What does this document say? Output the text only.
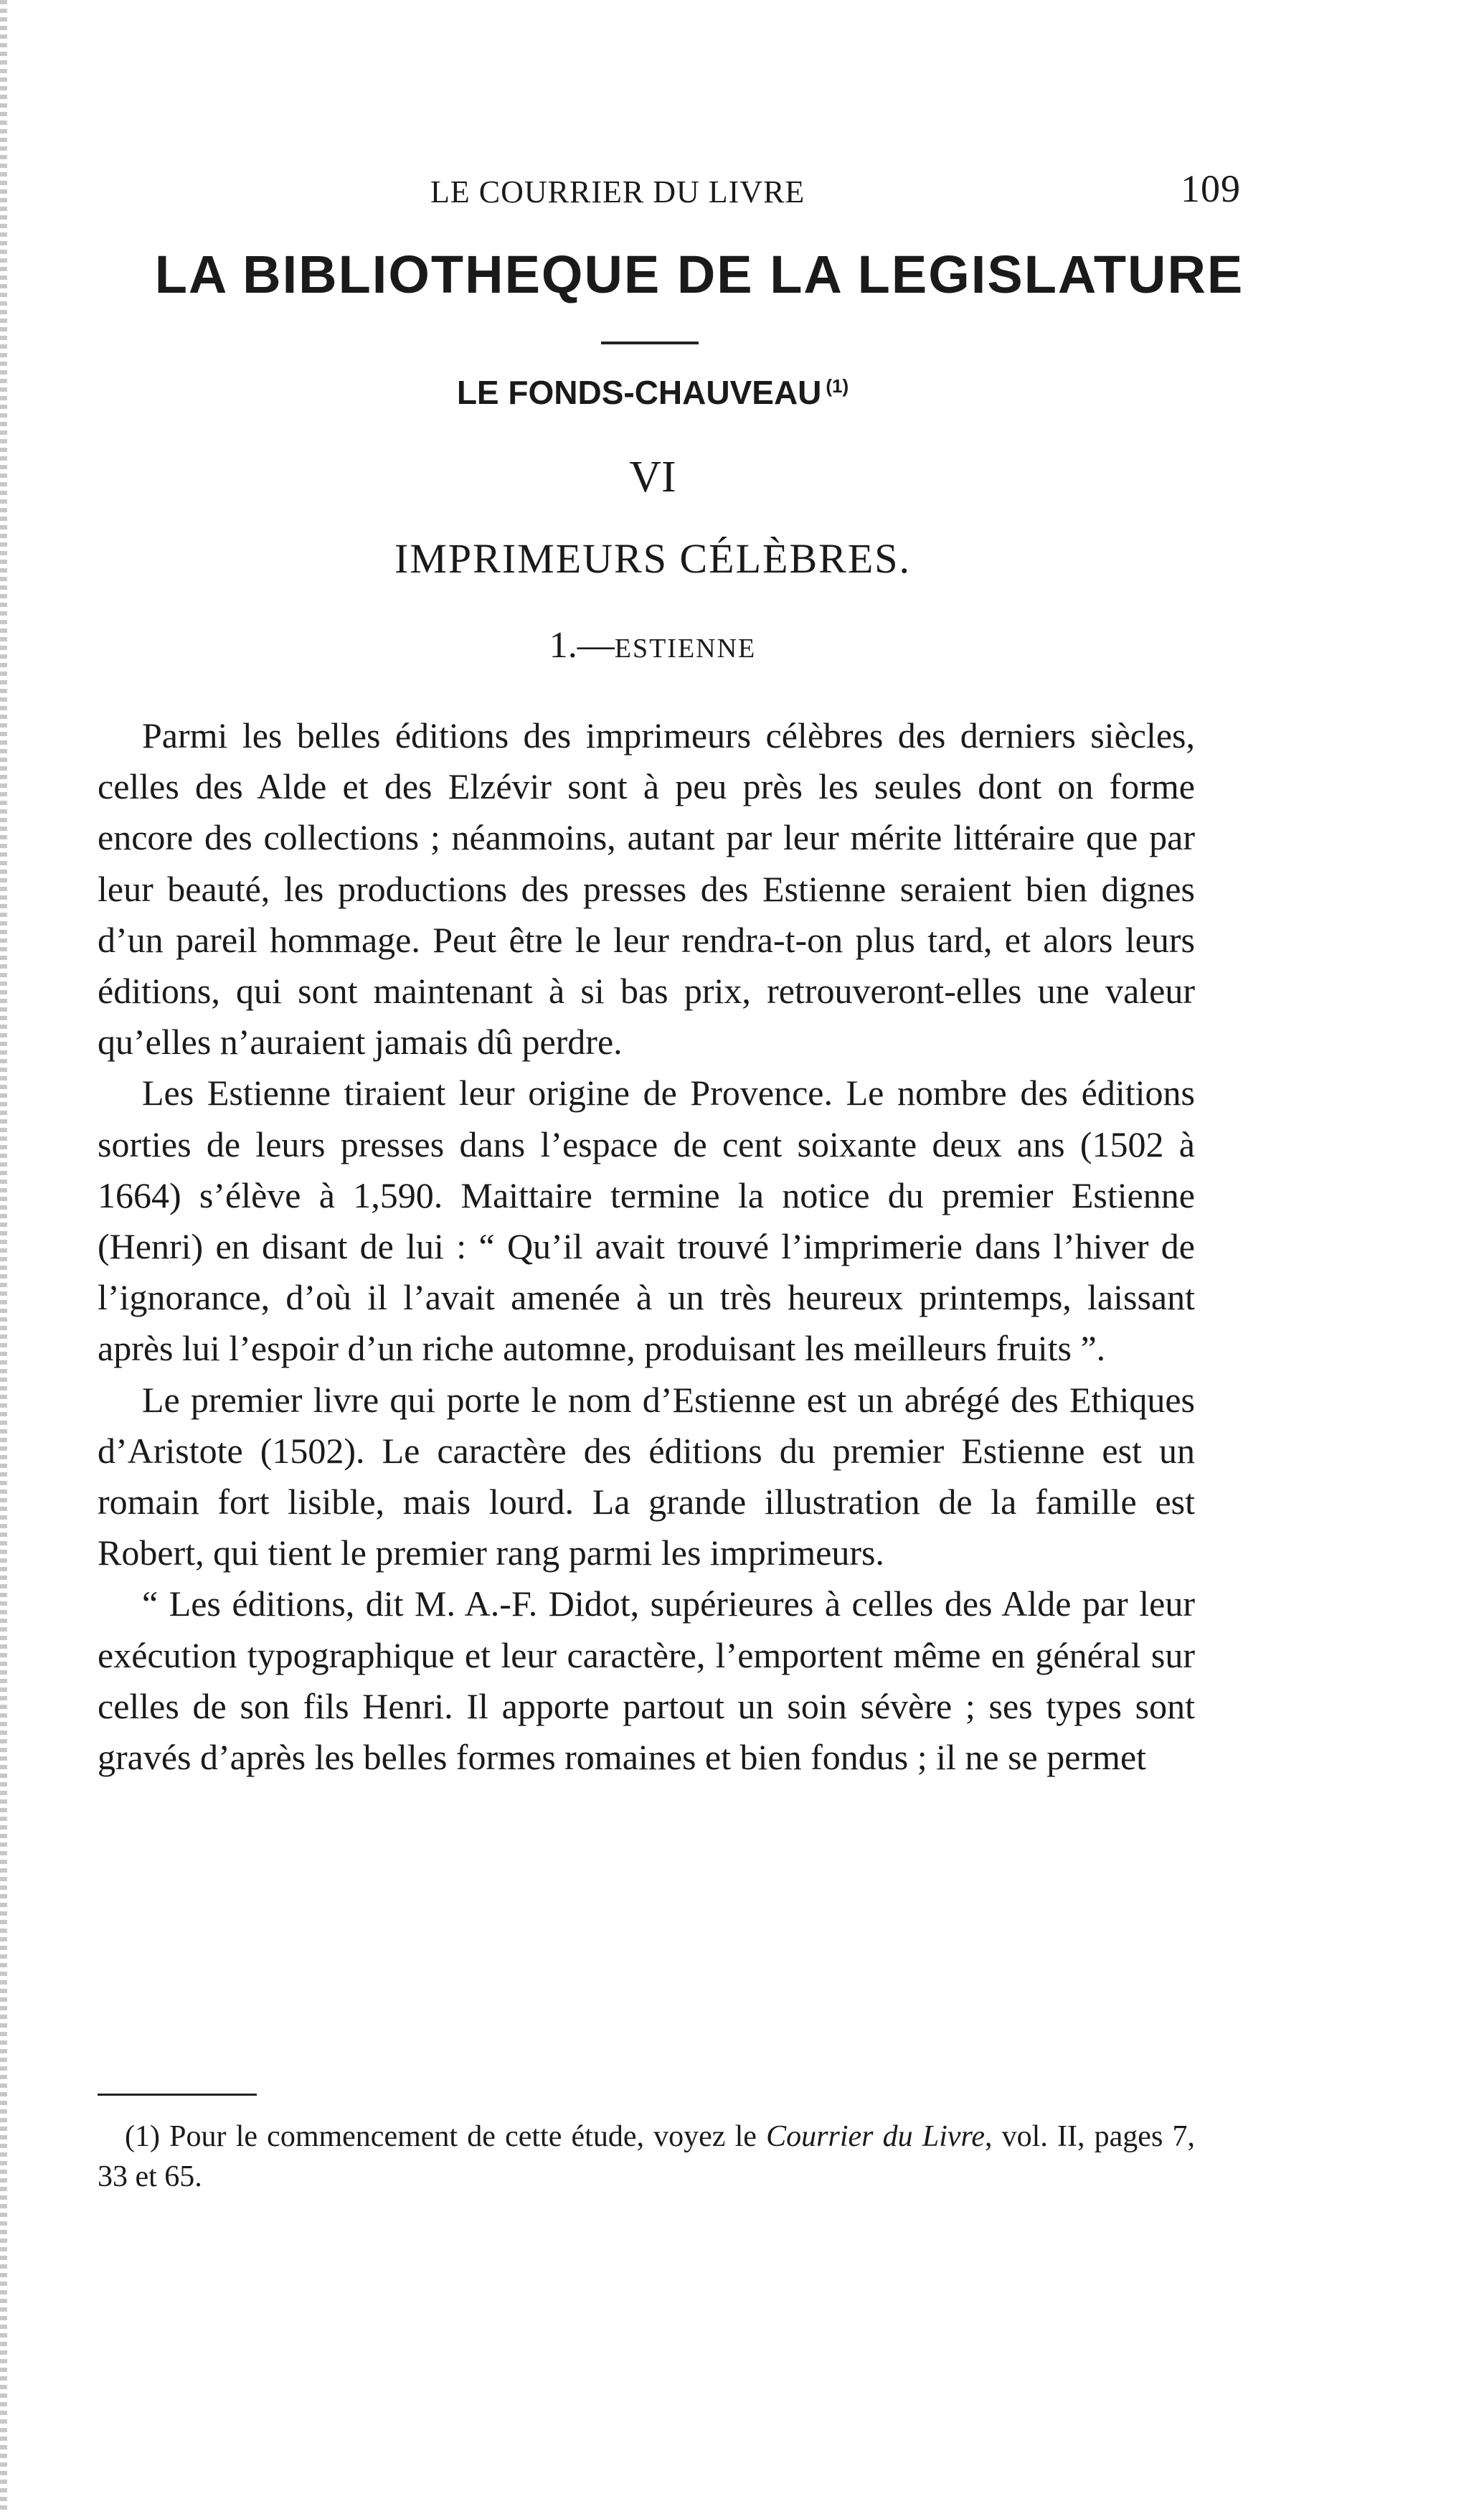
LE COURRIER DU LIVRE	109
LA BIBLIOTHEQUE DE LA LEGISLATURE
LE FONDS-CHAUVEAU $^{(1)}$
VI
IMPRIMEURS CÉLÈBRES.
1.—ESTIENNE

Parmi les belles éditions des imprimeurs célèbres des derniers siècles, celles des Alde et des Elzévir sont à peu près les seules dont on forme encore des collections ; néanmoins, autant par leur mérite littéraire que par leur beauté, les productions des presses des Estienne seraient bien dignes d’un pareil hommage. Peut être le leur rendra-t-on plus tard, et alors leurs éditions, qui sont maintenant à si bas prix, retrouveront-elles une valeur qu’elles n’auraient jamais dû perdre.

Les Estienne tiraient leur origine de Provence. Le nombre des éditions sorties de leurs presses dans l’espace de cent soixante deux ans (1502 à 1664) s’élève à 1,590. Maittaire termine la notice du premier Estienne (Henri) en disant de lui : “ Qu’il avait trouvé l’imprimerie dans l’hiver de l’ignorance, d’où il l’avait amenée à un très heureux printemps, laissant après lui l’espoir d’un riche automne, produisant les meilleurs fruits ”.

Le premier livre qui porte le nom d’Estienne est un abrégé des Ethiques d’Aristote (1502). Le caractère des éditions du premier Estienne est un romain fort lisible, mais lourd. La grande illustration de la famille est Robert, qui tient le premier rang parmi les imprimeurs.

“ Les éditions, dit M. A.-F. Didot, supérieures à celles des Alde par leur exécution typographique et leur caractère, l’emportent même en général sur celles de son fils Henri. Il apporte partout un soin sévère ; ses types sont gravés d’après les belles formes romaines et bien fondus ; il ne se permet

(1) Pour le commencement de cette étude, voyez le Courrier du Livre, vol. II, pages 7, 33 et 65.
